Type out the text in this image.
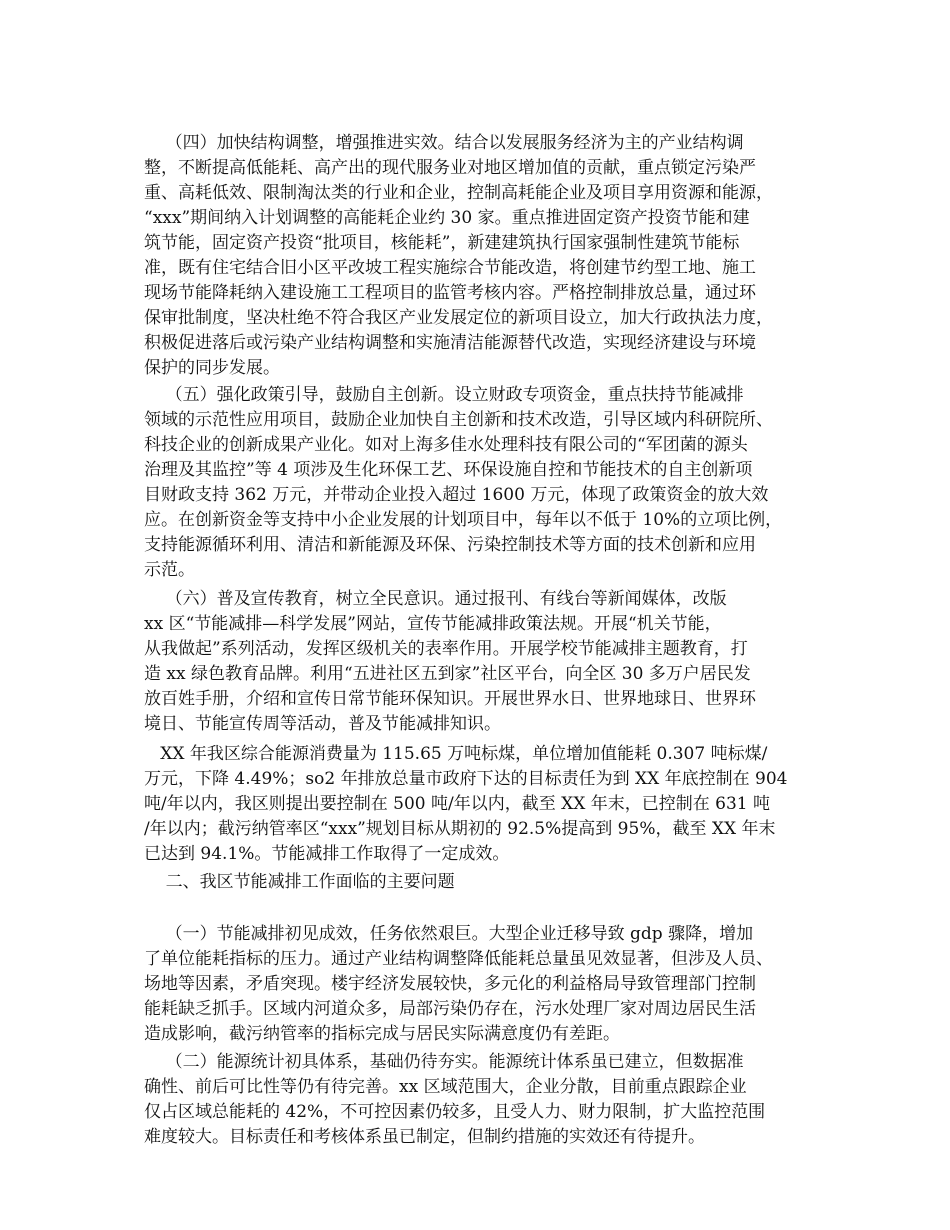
（四）加快结构调整，增强推进实效。结合以发展服务经济为主的产业结构调
整，不断提高低能耗、高产出的现代服务业对地区增加值的贡献，重点锁定污染严
重、高耗低效、限制淘汰类的行业和企业，控制高耗能企业及项目享用资源和能源，
“xxx”期间纳入计划调整的高能耗企业约 30 家。重点推进固定资产投资节能和建
筑节能，固定资产投资“批项目，核能耗”，新建建筑执行国家强制性建筑节能标
准，既有住宅结合旧小区平改坡工程实施综合节能改造，将创建节约型工地、施工
现场节能降耗纳入建设施工工程项目的监管考核内容。严格控制排放总量，通过环
保审批制度，坚决杜绝不符合我区产业发展定位的新项目设立，加大行政执法力度，
积极促进落后或污染产业结构调整和实施清洁能源替代改造，实现经济建设与环境
保护的同步发展。
（五）强化政策引导，鼓励自主创新。设立财政专项资金，重点扶持节能减排
领域的示范性应用项目，鼓励企业加快自主创新和技术改造，引导区域内科研院所、
科技企业的创新成果产业化。如对上海多佳水处理科技有限公司的“军团菌的源头
治理及其监控”等 4 项涉及生化环保工艺、环保设施自控和节能技术的自主创新项
目财政支持 362 万元，并带动企业投入超过 1600 万元，体现了政策资金的放大效
应。在创新资金等支持中小企业发展的计划项目中，每年以不低于 10%的立项比例，
支持能源循环利用、清洁和新能源及环保、污染控制技术等方面的技术创新和应用
示范。
（六）普及宣传教育，树立全民意识。通过报刊、有线台等新闻媒体，改版
xx 区“节能减排—科学发展”网站，宣传节能减排政策法规。开展“机关节能，
从我做起”系列活动，发挥区级机关的表率作用。开展学校节能减排主题教育，打
造 xx 绿色教育品牌。利用“五进社区五到家”社区平台，向全区 30 多万户居民发
放百姓手册，介绍和宣传日常节能环保知识。开展世界水日、世界地球日、世界环
境日、节能宣传周等活动，普及节能减排知识。
XX 年我区综合能源消费量为 115.65 万吨标煤，单位增加值能耗 0.307 吨标煤/
万元，下降 4.49%；so2 年排放总量市政府下达的目标责任为到 XX 年底控制在 904
吨/年以内，我区则提出要控制在 500 吨/年以内，截至 XX 年末，已控制在 631 吨
/年以内；截污纳管率区“xxx”规划目标从期初的 92.5%提高到 95%，截至 XX 年末
已达到 94.1%。节能减排工作取得了一定成效。
二、我区节能减排工作面临的主要问题
（一）节能减排初见成效，任务依然艰巨。大型企业迁移导致 gdp 骤降，增加
了单位能耗指标的压力。通过产业结构调整降低能耗总量虽见效显著，但涉及人员、
场地等因素，矛盾突现。楼宇经济发展较快，多元化的利益格局导致管理部门控制
能耗缺乏抓手。区域内河道众多，局部污染仍存在，污水处理厂家对周边居民生活
造成影响，截污纳管率的指标完成与居民实际满意度仍有差距。
（二）能源统计初具体系，基础仍待夯实。能源统计体系虽已建立，但数据准
确性、前后可比性等仍有待完善。xx 区域范围大，企业分散，目前重点跟踪企业
仅占区域总能耗的 42%，不可控因素仍较多，且受人力、财力限制，扩大监控范围
难度较大。目标责任和考核体系虽已制定，但制约措施的实效还有待提升。
